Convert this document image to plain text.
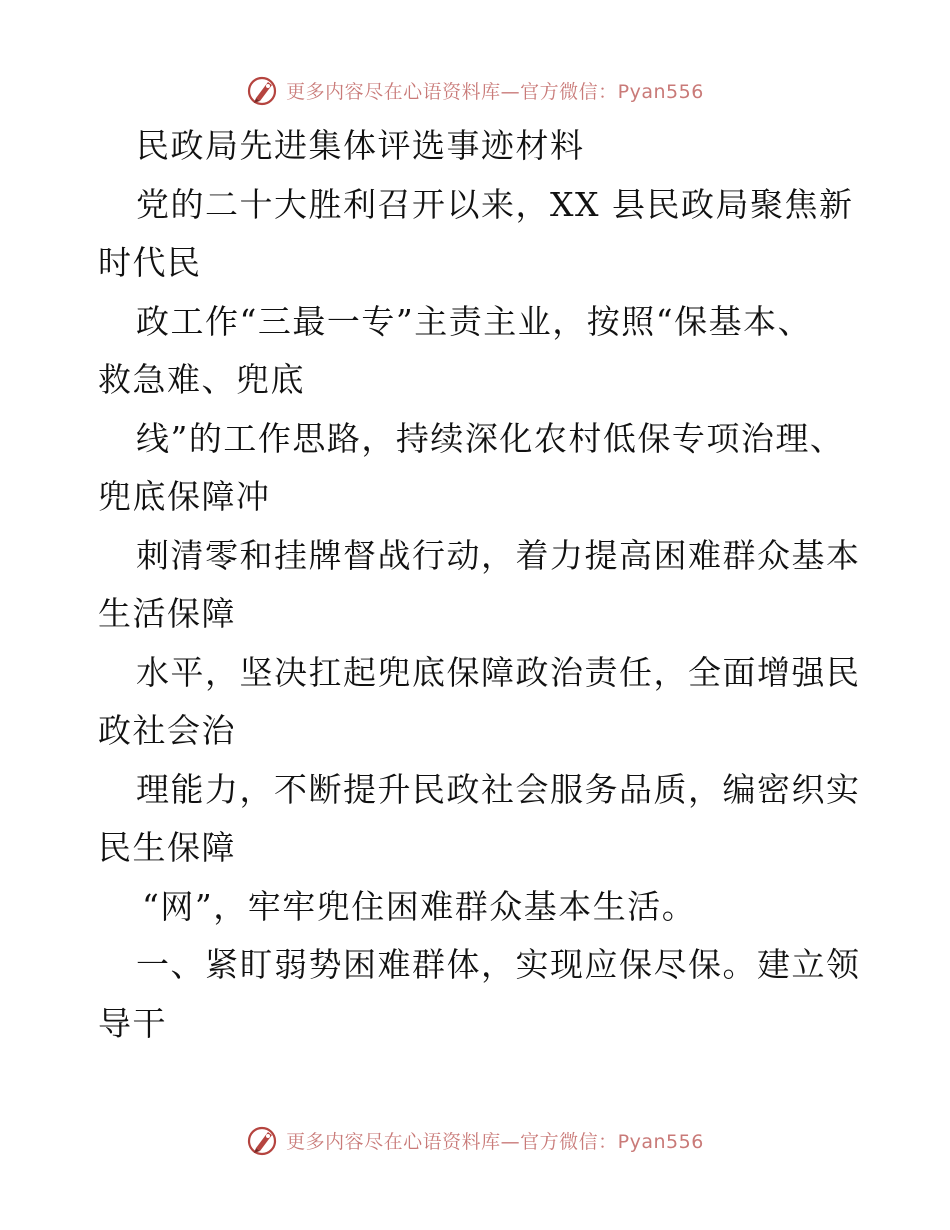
更多内容尽在心语资料库—官方微信：Pyan556
民政局先进集体评选事迹材料
党的二十大胜利召开以来，XX 县民政局聚焦新
时代民
政工作“三最一专”主责主业，按照“保基本、
救急难、兜底
线”的工作思路，持续深化农村低保专项治理、
兜底保障冲
刺清零和挂牌督战行动，着力提高困难群众基本
生活保障
水平，坚决扛起兜底保障政治责任，全面增强民
政社会治
理能力，不断提升民政社会服务品质，编密织实
民生保障
“网”，牢牢兜住困难群众基本生活。
一、紧盯弱势困难群体，实现应保尽保。建立领
导干
更多内容尽在心语资料库—官方微信：Pyan556
